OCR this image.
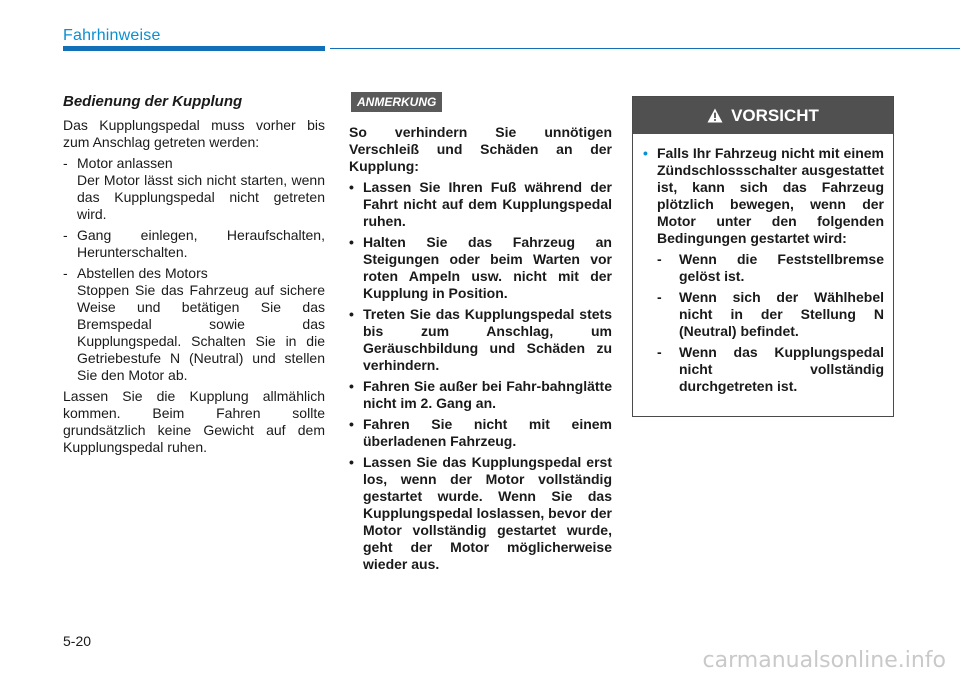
Fahrhinweise
Bedienung der Kupplung

Das Kupplungspedal muss vorher bis zum Anschlag getreten werden:

- Motor anlassen
Der Motor lässt sich nicht starten, wenn das Kupplungspedal nicht getreten wird.
- Gang einlegen, Heraufschalten, Herunterschalten.
- Abstellen des Motors
Stoppen Sie das Fahrzeug auf sichere Weise und betätigen Sie das Bremspedal sowie das Kupplungspedal. Schalten Sie in die Getriebestufe N (Neutral) und stellen Sie den Motor ab.

Lassen Sie die Kupplung allmählich kommen. Beim Fahren sollte grundsätzlich keine Gewicht auf dem Kupplungspedal ruhen.

ANMERKUNG

So verhindern Sie unnötigen Verschleiß und Schäden an der Kupplung:

• Lassen Sie Ihren Fuß während der Fahrt nicht auf dem Kupplungspedal ruhen.
• Halten Sie das Fahrzeug an Steigungen oder beim Warten vor roten Ampeln usw. nicht mit der Kupplung in Position.
• Treten Sie das Kupplungspedal stets bis zum Anschlag, um Geräuschbildung und Schäden zu verhindern.
• Fahren Sie außer bei Fahr-bahnglätte nicht im 2. Gang an.
• Fahren Sie nicht mit einem überladenen Fahrzeug.
• Lassen Sie das Kupplungspedal erst los, wenn der Motor vollständig gestartet wurde. Wenn Sie das Kupplungspedal loslassen, bevor der Motor vollständig gestartet wurde, geht der Motor möglicherweise wieder aus.
VORSICHT
• Falls Ihr Fahrzeug nicht mit einem Zündschlossschalter ausgestattet ist, kann sich das Fahrzeug plötzlich bewegen, wenn der Motor unter den folgenden Bedingungen gestartet wird:
-	Wenn die Feststellbremse gelöst ist.
-	Wenn sich der Wählhebel nicht in der Stellung N (Neutral) befindet.
-	Wenn das Kupplungspedal nicht vollständig durchgetreten ist.
5-20
carmanualsonline.info
